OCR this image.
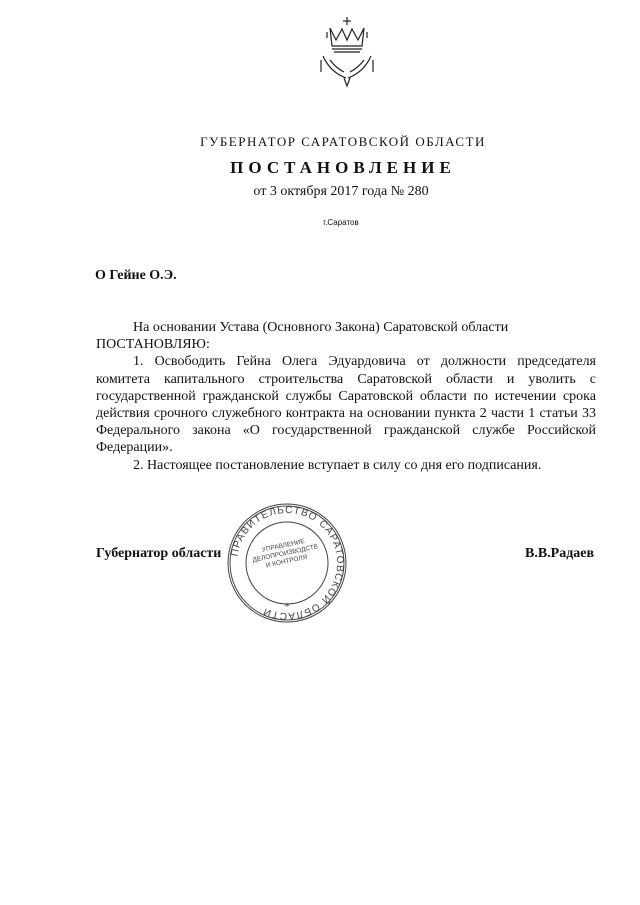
ГУБЕРНАТОР САРАТОВСКОЙ ОБЛАСТИ
ПОСТАНОВЛЕНИЕ
от 3 октября 2017 года № 280
г.Саратов
О Гейне О.Э.

На основании Устава (Основного Закона) Саратовской области

ПОСТАНОВЛЯЮ:

1. Освободить Гейна Олега Эдуардовича от должности председателя комитета капитального строительства Саратовской области и уволить с государственной гражданской службы Саратовской области по истечении срока действия срочного служебного контракта на основании пункта 2 части 1 статьи 33 Федерального закона «О государственной гражданской службе Российской Федерации».

2. Настоящее постановление вступает в силу со дня его подписания.

Губернатор области	В.В.Радаев
ПРАВИТЕЛЬСТВО САРАТОВСКОЙ ОБЛАСТИ
УПРАВЛЕНИЕ ДЕЛОПРОИЗВОДСТВА И КОНТРОЛЯ
*
